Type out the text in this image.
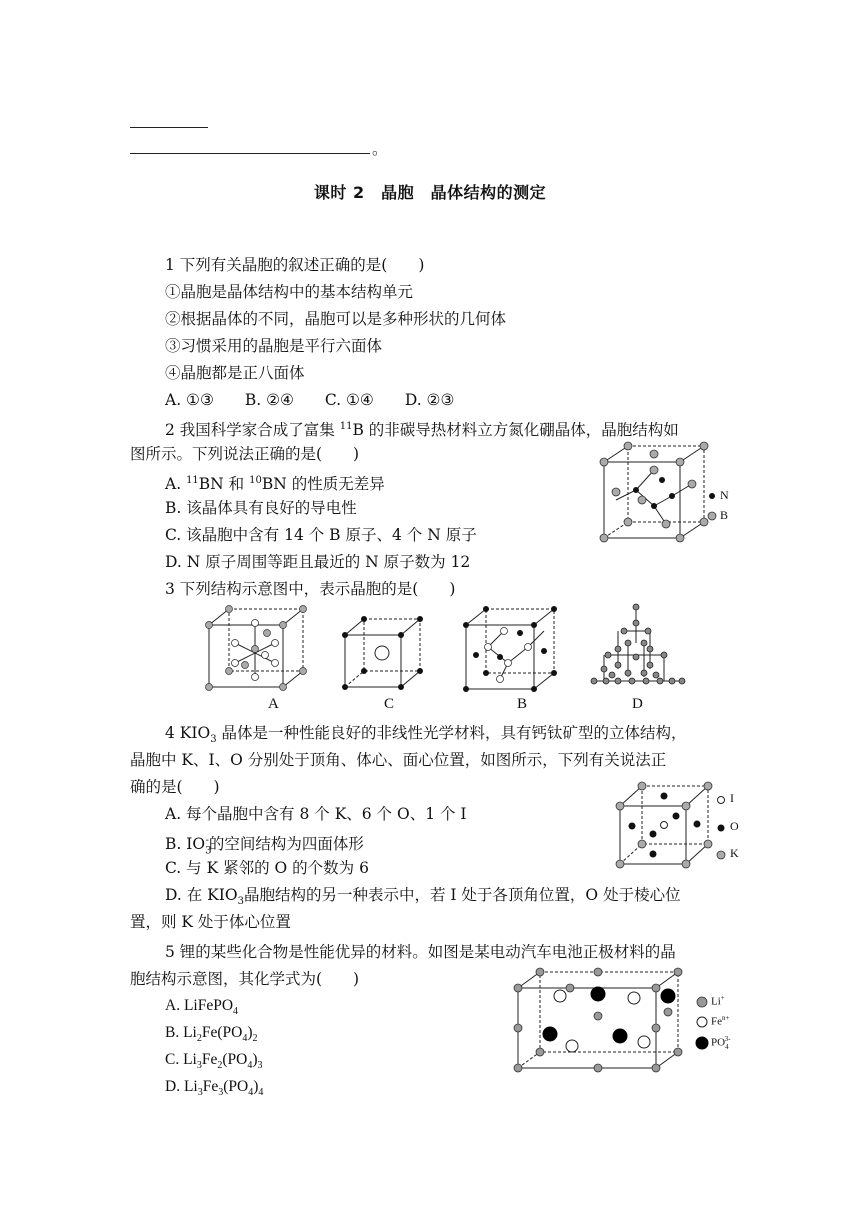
。
课时 2　晶胞　晶体结构的测定
1 下列有关晶胞的叙述正确的是(　　)
①晶胞是晶体结构中的基本结构单元
②根据晶体的不同，晶胞可以是多种形状的几何体
③习惯采用的晶胞是平行六面体
④晶胞都是正八面体
A. ①③　　B. ②④　　C. ①④　　D. ②③
2 我国科学家合成了富集 $^{11}$B 的非碳导热材料立方氮化硼晶体，晶胞结构如
图所示。下列说法正确的是(　　)
A. $^{11}$BN 和 $^{10}$BN 的性质无差异
B. 该晶体具有良好的导电性
C. 该晶胞中含有 14 个 B 原子、4 个 N 原子
D. N 原子周围等距且最近的 N 原子数为 12
N
B
3 下列结构示意图中，表示晶胞的是(　　)
A	C	B	D
4 $KIO_3$ 晶体是一种性能良好的非线性光学材料，具有钙钛矿型的立体结构，
晶胞中 K、I、O 分别处于顶角、体心、面心位置，如图所示，下列有关说法正
确的是(　　)
A. 每个晶胞中含有 8 个 K、6 个 O、1 个 I
B. $IO_3^-$的空间结构为四面体形
C. 与 K 紧邻的 O 的个数为 6
D. 在 $KIO_3$晶胞结构的另一种表示中，若 I 处于各顶角位置，O 处于棱心位
置，则 K 处于体心位置
I
O
K
5 锂的某些化合物是性能优异的材料。如图是某电动汽车电池正极材料的晶
胞结构示意图，其化学式为(　　)
A. LiFePO$_4$
B. $Li_2Fe(PO_4)_2$
C. $Li_3Fe_2(PO_4)_3$
D. $Li_3Fe_3(PO_4)_4$
Li+
$Fe^{n+}$
$PO_4^{3-}$
